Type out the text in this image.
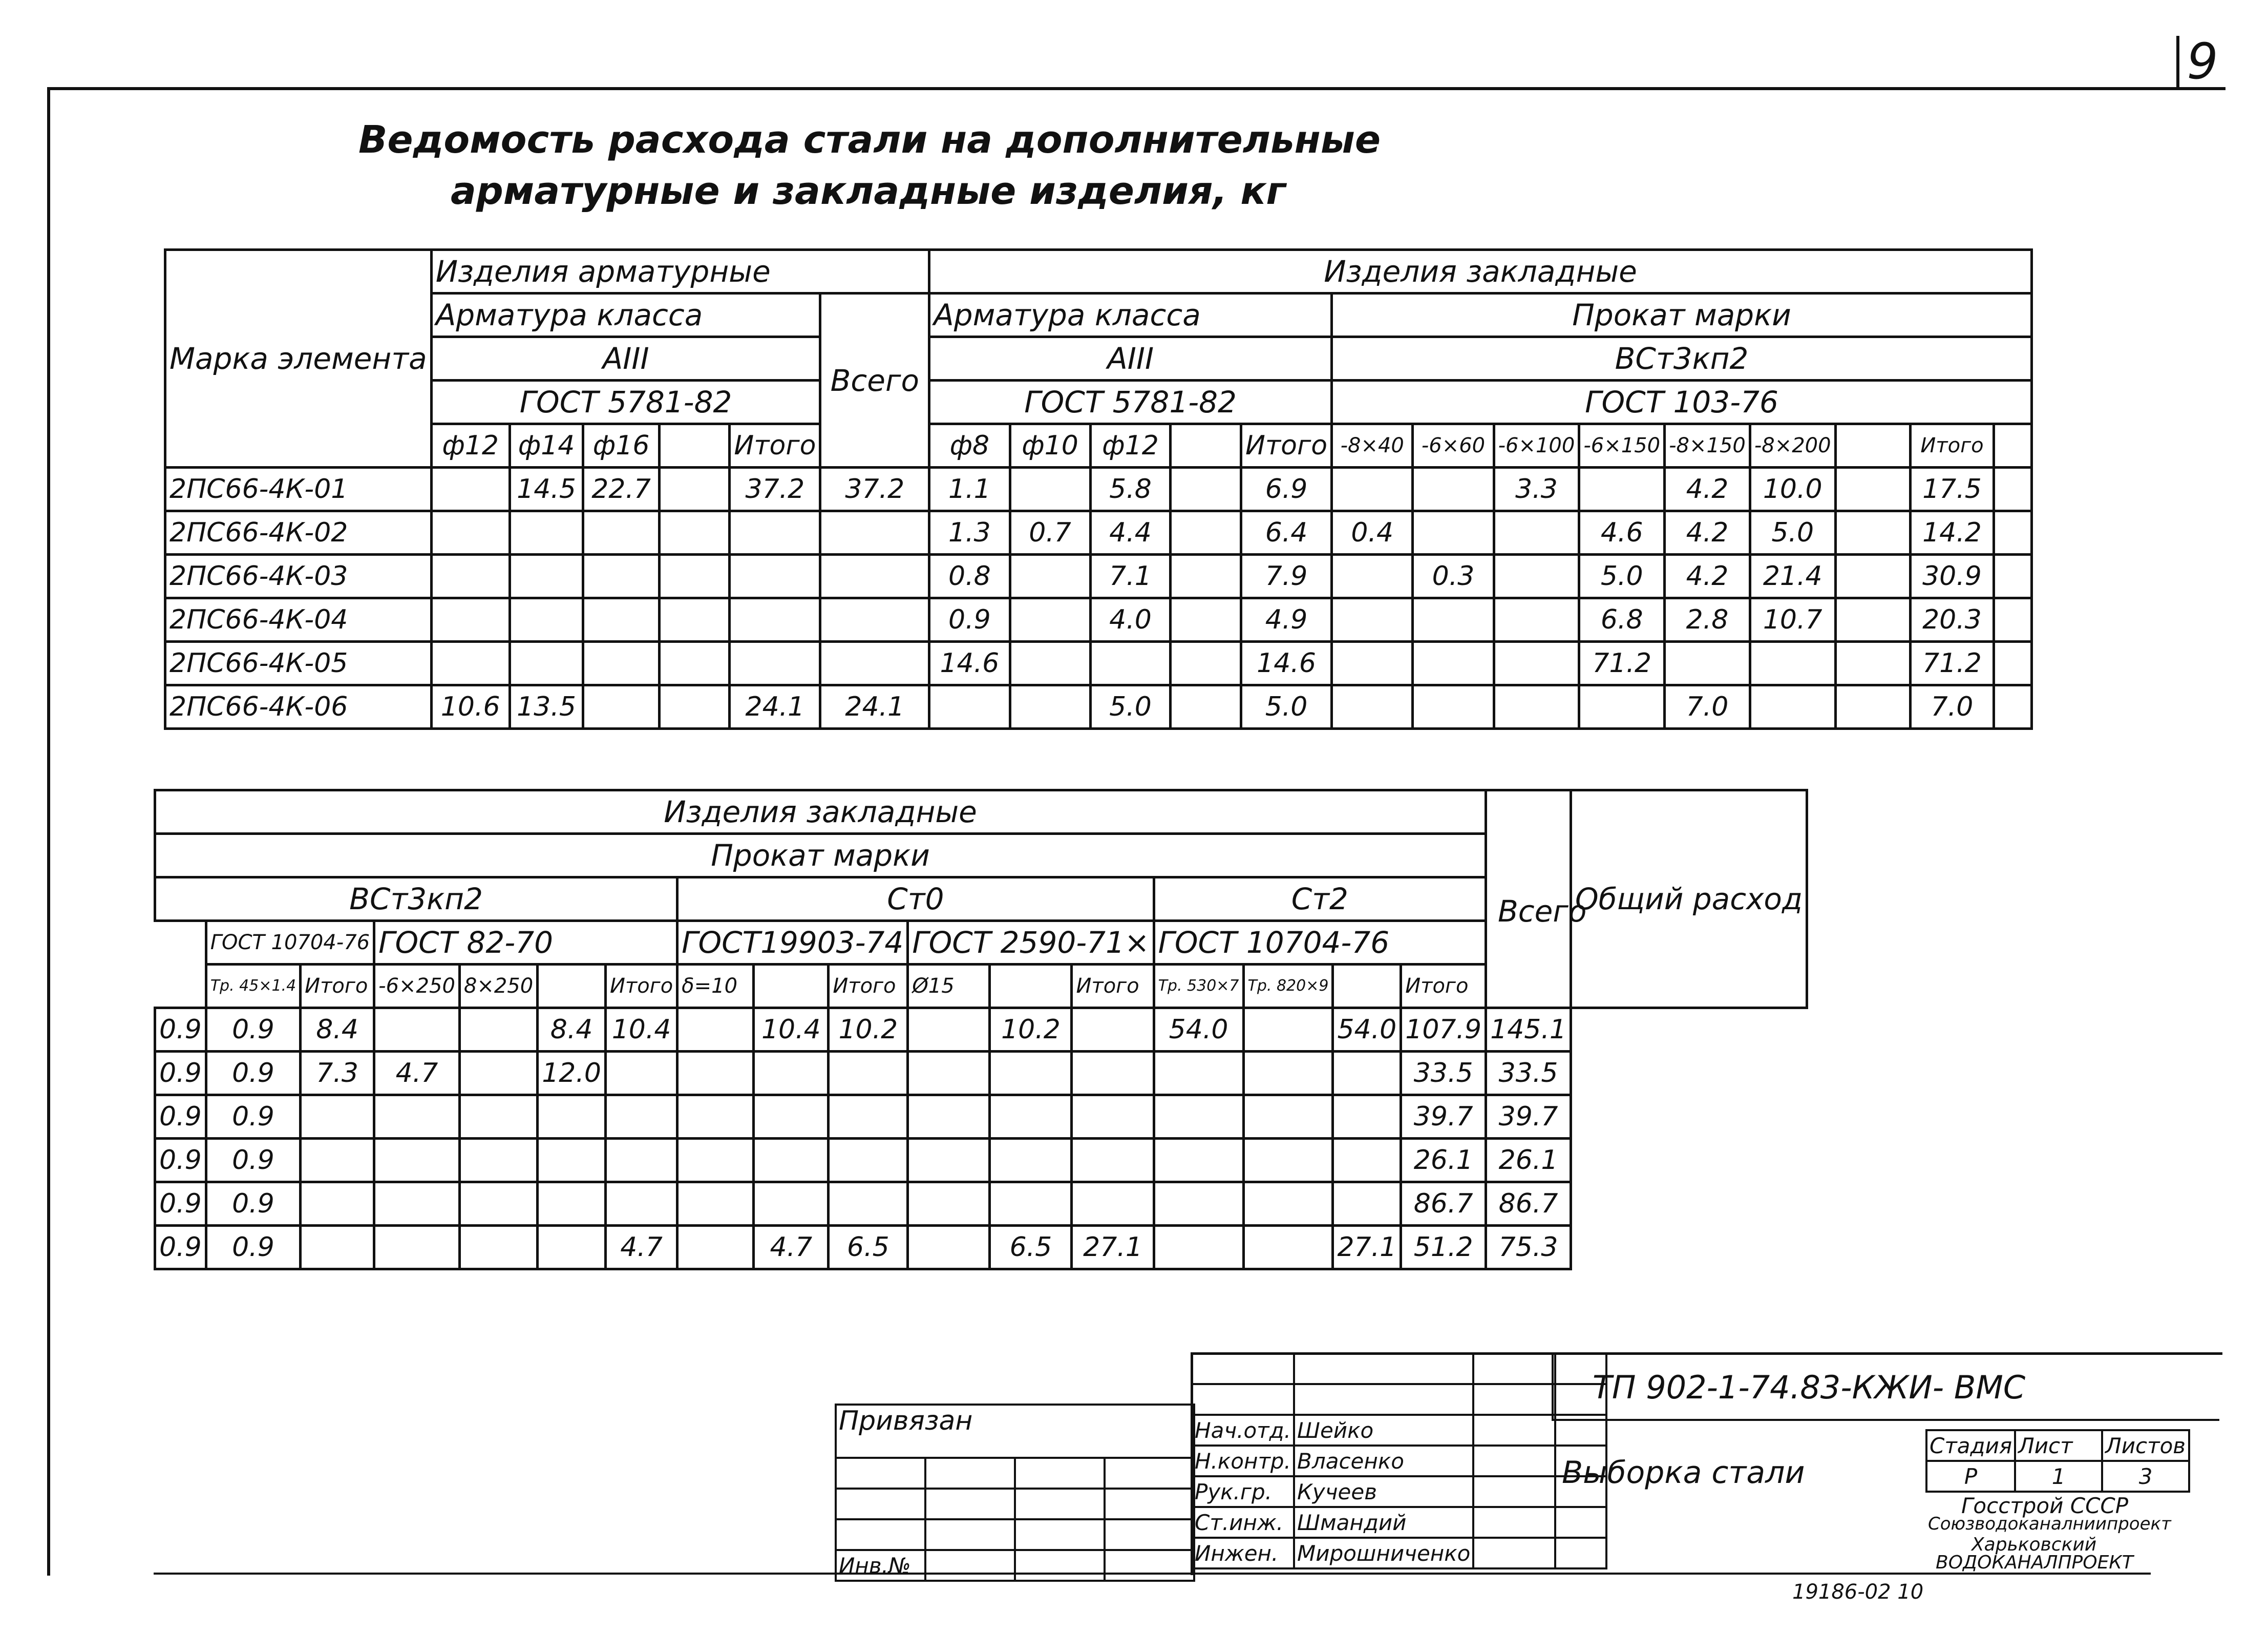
9
Ведомость расхода стали на дополнительные
арматурные и закладные изделия, кг
Марка элемента	Изделия арматурные						Изделия закладные													
	Арматура класса					Всего	Арматура класса					Прокат марки								
	АIII						АIII					ВСт3кп2								
	ГОСТ 5781-82						ГОСТ 5781-82					ГОСТ 103-76								
	ф12	ф14	ф16		Итого		ф8	ф10	ф12		Итого	-8×40	-6×60	-6×100	-6×150	-8×150	-8×200		Итого	
2ПС66-4К-01		14.5	22.7		37.2	37.2	1.1		5.8		6.9			3.3		4.2	10.0		17.5	
2ПС66-4К-02							1.3	0.7	4.4		6.4	0.4			4.6	4.2	5.0		14.2	
2ПС66-4К-03							0.8		7.1		7.9		0.3		5.0	4.2	21.4		30.9	
2ПС66-4К-04							0.9		4.0		4.9				6.8	2.8	10.7		20.3	
2ПС66-4К-05							14.6				14.6				71.2				71.2	
2ПС66-4К-06	10.6	13.5			24.1	24.1			5.0		5.0					7.0			7.0	
Изделия закладные																		Общий расход
Прокат марки																		
ВСт3кп2							Ст0						Ст2					
	ГОСТ 10704-76		ГОСТ 82-70				ГОСТ19903-74			ГОСТ 2590-71×			ГОСТ 10704-76					
	Тр. 45×1.4	Итого	-6×250	8×250		Итого	δ=10		Итого	Ø15		Итого	Тр. 530×7	Тр. 820×9		Итого		
0.9	0.9	8.4			8.4	10.4		10.4	10.2		10.2		54.0		54.0	107.9	145.1	
0.9	0.9	7.3	4.7		12.0											33.5	33.5	
0.9	0.9															39.7	39.7	
0.9	0.9															26.1	26.1	
0.9	0.9															86.7	86.7	
0.9	0.9					4.7		4.7	6.5		6.5	27.1			27.1	51.2	75.3	
Всего

Нач.отд.	Шейко		
Н.контр.	Власенко		
Рук.гр.	Кучеев		
Ст.инж.	Шмандий		
Инжен.	Мирошниченко		
Привязан			

Инв.№			
ТП 902-1-74.83-КЖИ- ВМС
Выборка стали
Стадия	Лист	Листов
Р	1	3
Госстрой СССР
Союзводоканалниипроект
Харьковский
ВОДОКАНАЛПРОЕКТ
19186-02 10
